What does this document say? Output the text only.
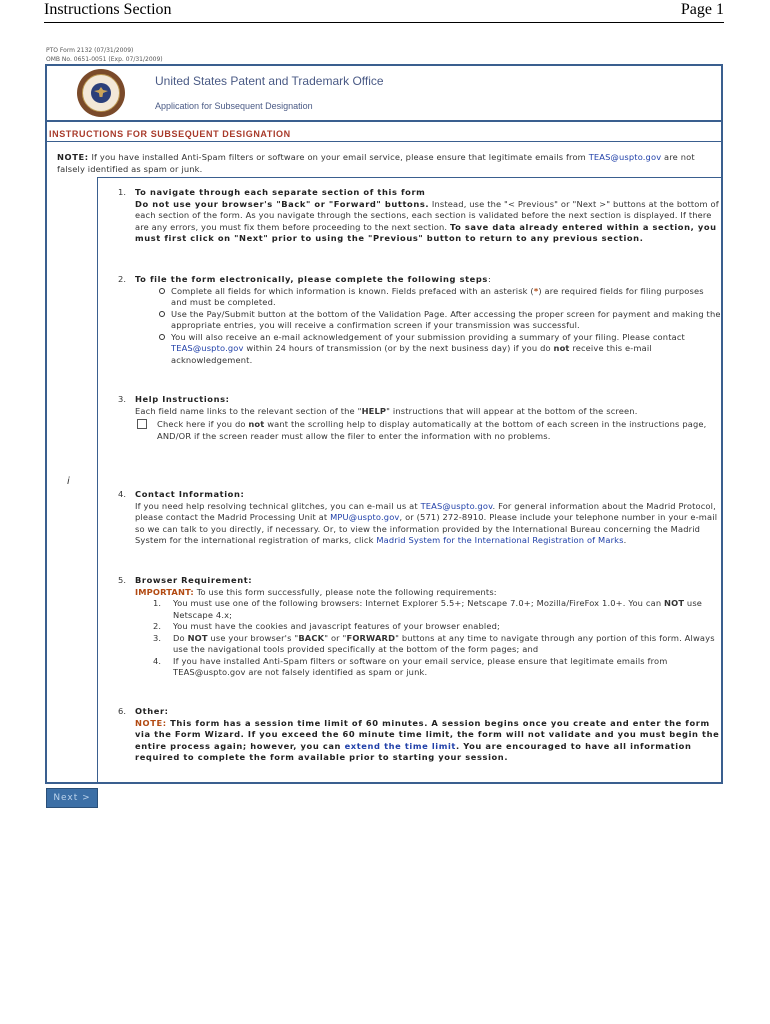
Instructions Section	Page 1
PTO Form 2132 (07/31/2009)
OMB No. 0651-0051 (Exp. 07/31/2009)
United States Patent and Trademark Office
Application for Subsequent Designation
INSTRUCTIONS FOR SUBSEQUENT DESIGNATION
NOTE: If you have installed Anti-Spam filters or software on your email service, please ensure that legitimate emails from TEAS@uspto.gov are not falsely identified as spam or junk.
i
1. To navigate through each separate section of this form
Do not use your browser's "Back" or "Forward" buttons. Instead, use the "< Previous" or "Next >" buttons at the bottom of each section of the form. As you navigate through the sections, each section is validated before the next section is displayed. If there are any errors, you must fix them before proceeding to the next section. To save data already entered within a section, you must first click on "Next" prior to using the "Previous" button to return to any previous section.
2. To file the form electronically, please complete the following steps:
Complete all fields for which information is known. Fields prefaced with an asterisk (*) are required fields for filing purposes and must be completed.
Use the Pay/Submit button at the bottom of the Validation Page. After accessing the proper screen for payment and making the appropriate entries, you will receive a confirmation screen if your transmission was successful.
You will also receive an e-mail acknowledgement of your submission providing a summary of your filing. Please contact TEAS@uspto.gov within 24 hours of transmission (or by the next business day) if you do not receive this e-mail acknowledgement.
3. Help Instructions:
Each field name links to the relevant section of the "HELP" instructions that will appear at the bottom of the screen.
Check here if you do not want the scrolling help to display automatically at the bottom of each screen in the instructions page, AND/OR if the screen reader must allow the filer to enter the information with no problems.
4. Contact Information:
If you need help resolving technical glitches, you can e-mail us at TEAS@uspto.gov. For general information about the Madrid Protocol, please contact the Madrid Processing Unit at MPU@uspto.gov, or (571) 272-8910. Please include your telephone number in your e-mail so we can talk to you directly, if necessary. Or, to view the information provided by the International Bureau concerning the Madrid System for the international registration of marks, click Madrid System for the International Registration of Marks.
5. Browser Requirement:
IMPORTANT: To use this form successfully, please note the following requirements:
1. You must use one of the following browsers: Internet Explorer 5.5+; Netscape 7.0+; Mozilla/FireFox 1.0+. You can NOT use Netscape 4.x;
2. You must have the cookies and javascript features of your browser enabled;
3. Do NOT use your browser's "BACK" or "FORWARD" buttons at any time to navigate through any portion of this form. Always use the navigational tools provided specifically at the bottom of the form pages; and
4. If you have installed Anti-Spam filters or software on your email service, please ensure that legitimate emails from TEAS@uspto.gov are not falsely identified as spam or junk.
6. Other:
NOTE: This form has a session time limit of 60 minutes. A session begins once you create and enter the form via the Form Wizard. If you exceed the 60 minute time limit, the form will not validate and you must begin the entire process again; however, you can extend the time limit. You are encouraged to have all information required to complete the form available prior to starting your session.
Next >
